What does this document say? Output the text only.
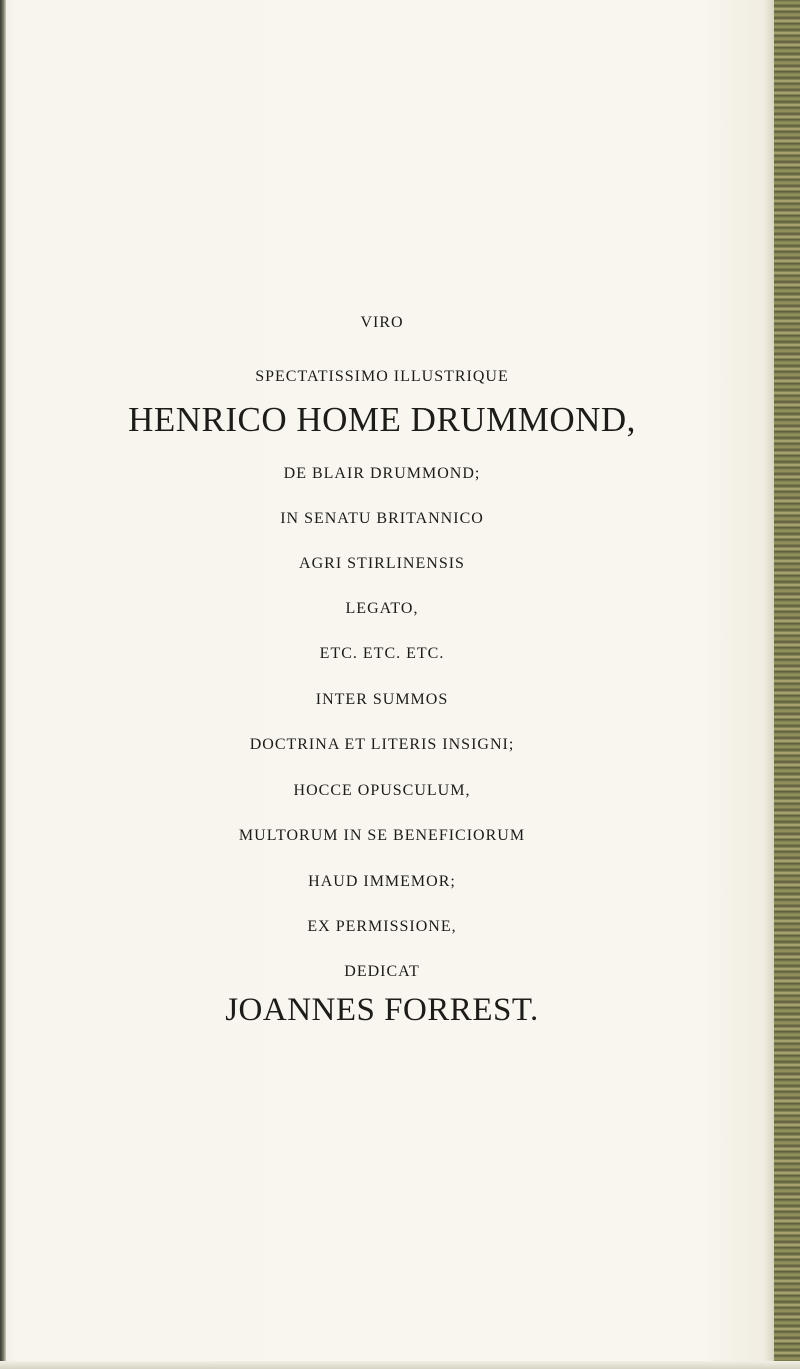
VIRO
SPECTATISSIMO ILLUSTRIQUE
HENRICO HOME DRUMMOND,
DE BLAIR DRUMMOND;
IN SENATU BRITANNICO
AGRI STIRLINENSIS
LEGATO,
ETC. ETC. ETC.
INTER SUMMOS
DOCTRINA ET LITERIS INSIGNI;
HOCCE OPUSCULUM,
MULTORUM IN SE BENEFICIORUM
HAUD IMMEMOR;
EX PERMISSIONE,
DEDICAT
JOANNES FORREST.
